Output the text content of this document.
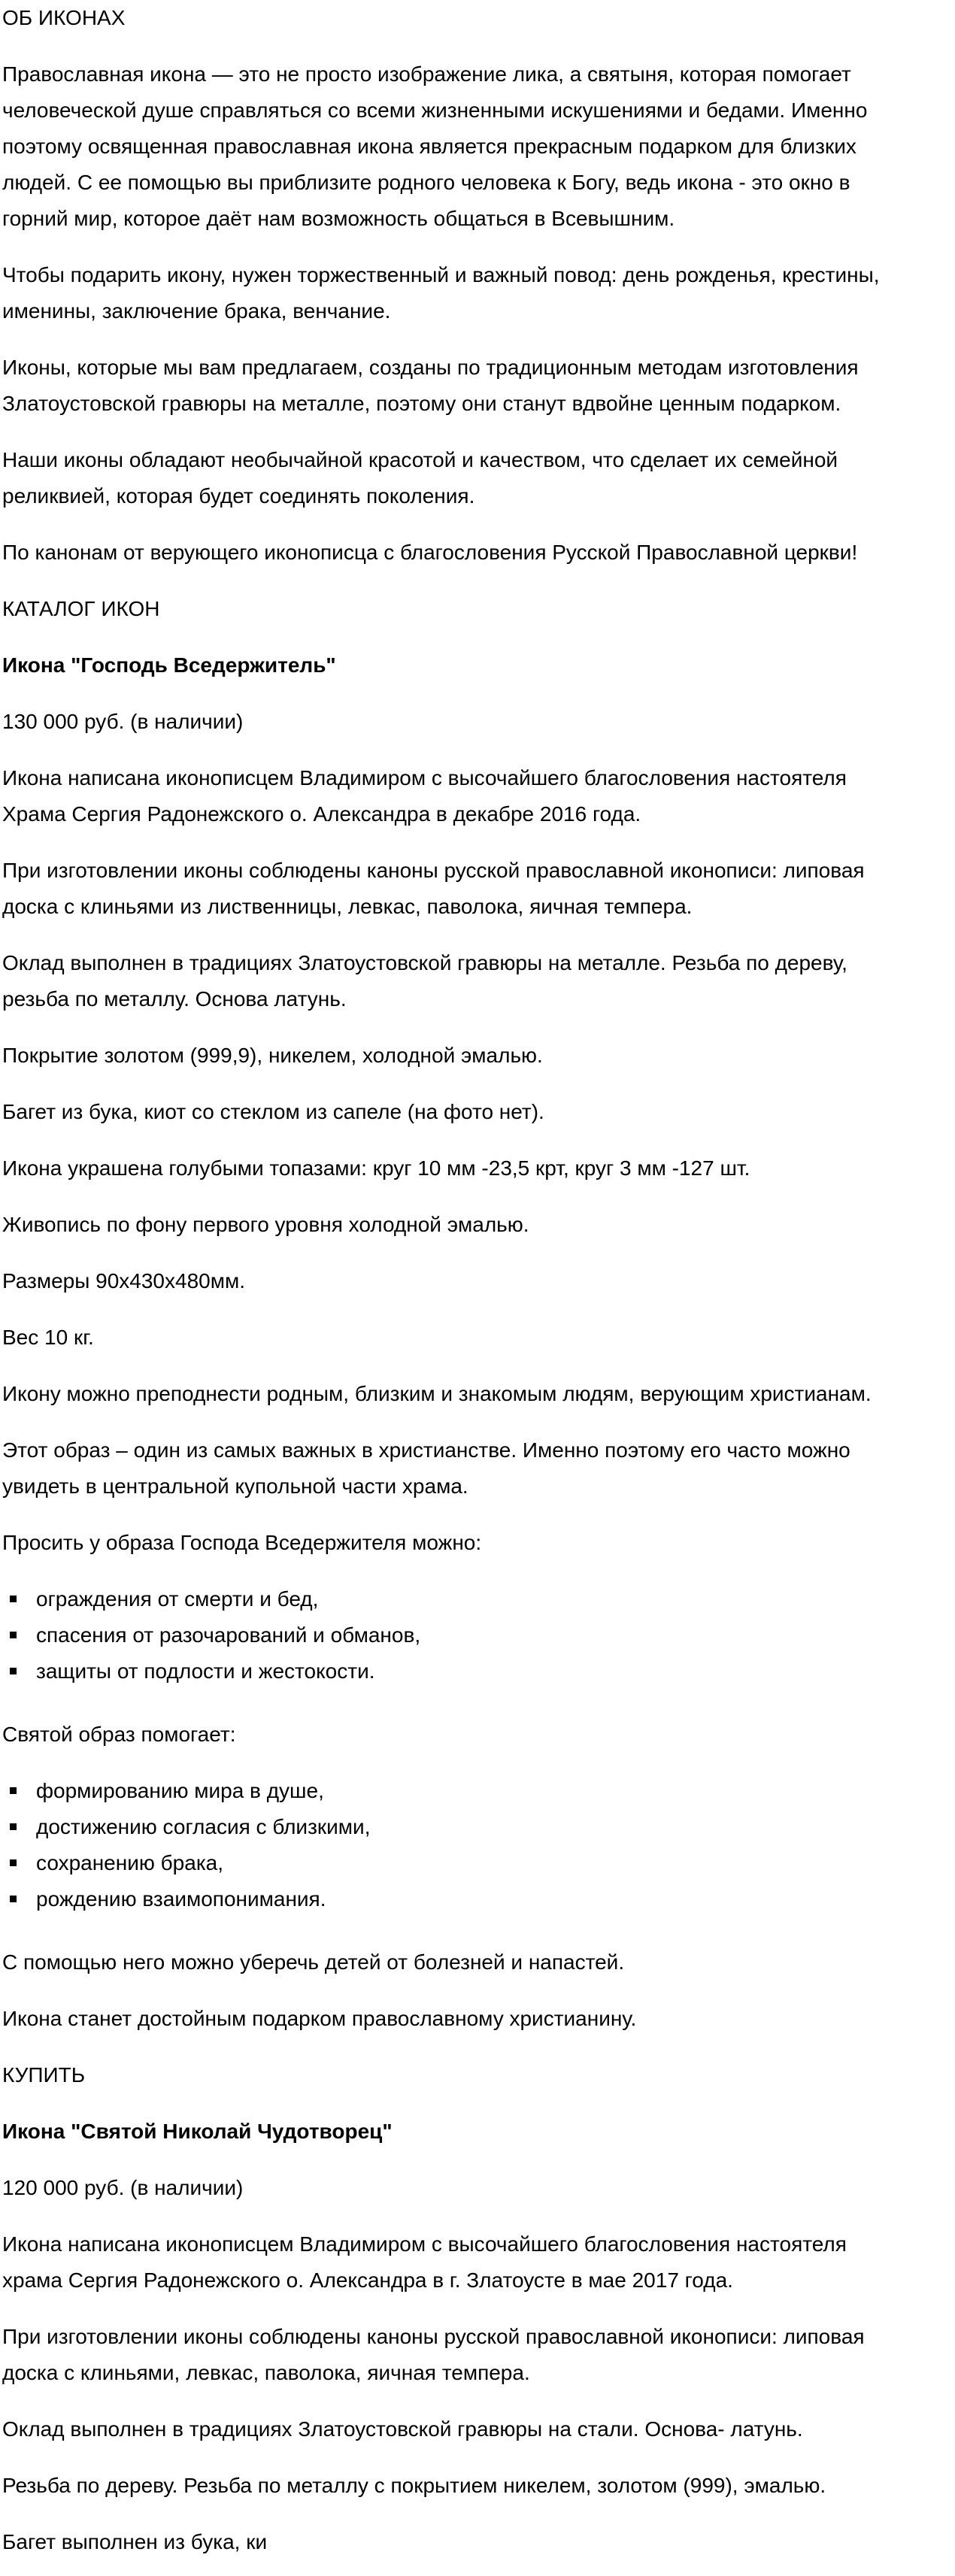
ОБ ИКОНАХ

Православная икона — это не просто изображение лика, а святыня, которая помогает человеческой душе справляться со всеми жизненными искушениями и бедами. Именно поэтому освященная православная икона является прекрасным подарком для близких людей. С ее помощью вы приблизите родного человека к Богу, ведь икона - это окно в горний мир, которое даёт нам возможность общаться в Всевышним.

Чтобы подарить икону, нужен торжественный и важный повод: день рожденья, крестины, именины, заключение брака, венчание.

Иконы, которые мы вам предлагаем, созданы по традиционным методам изготовления Златоустовской гравюры на металле, поэтому они станут вдвойне ценным подарком.

Наши иконы обладают необычайной красотой и качеством, что сделает их семейной реликвией, которая будет соединять поколения.

По канонам от верующего иконописца с благословения Русской Православной церкви!

КАТАЛОГ ИКОН
Икона "Господь Вседержитель"
130 000 руб. (в наличии)

Икона написана иконописцем Владимиром с высочайшего благословения настоятеля Храма Сергия Радонежского о. Александра в декабре 2016 года.

При изготовлении иконы соблюдены каноны русской православной иконописи: липовая доска с клиньями из лиственницы, левкас, паволока, яичная темпера.

Оклад выполнен в традициях Златоустовской гравюры на металле. Резьба по дереву, резьба по металлу. Основа латунь.

Покрытие золотом (999,9), никелем, холодной эмалью.

Багет из бука, киот со стеклом из сапеле (на фото нет).

Икона украшена голубыми топазами: круг 10 мм -23,5 крт, круг 3 мм -127 шт.

Живопись по фону первого уровня холодной эмалью.

Размеры 90х430х480мм.

Вес 10 кг.

Икону можно преподнести родным, близким и знакомым людям, верующим христианам.

Этот образ – один из самых важных в христианстве. Именно поэтому его часто можно увидеть в центральной купольной части храма.

Просить у образа Господа Вседержителя можно:

ограждения от смерти и бед,
спасения от разочарований и обманов,
защиты от подлости и жестокости.

Святой образ помогает:

формированию мира в душе,
достижению согласия с близкими,
сохранению брака,
рождению взаимопонимания.

С помощью него можно уберечь детей от болезней и напастей.

Икона станет достойным подарком православному христианину.

КУПИТЬ
Икона "Святой Николай Чудотворец"
120 000 руб. (в наличии)

Икона написана иконописцем Владимиром с высочайшего благословения настоятеля храма Сергия Радонежского о. Александра в г. Златоусте в мае 2017 года.

При изготовлении иконы соблюдены каноны русской православной иконописи: липовая доска с клиньями, левкас, паволока, яичная темпера.

Оклад выполнен в традициях Златоустовской гравюры на стали. Основа- латунь.

Резьба по дереву. Резьба по металлу с покрытием никелем, золотом (999), эмалью.

Багет выполнен из бука, ки
